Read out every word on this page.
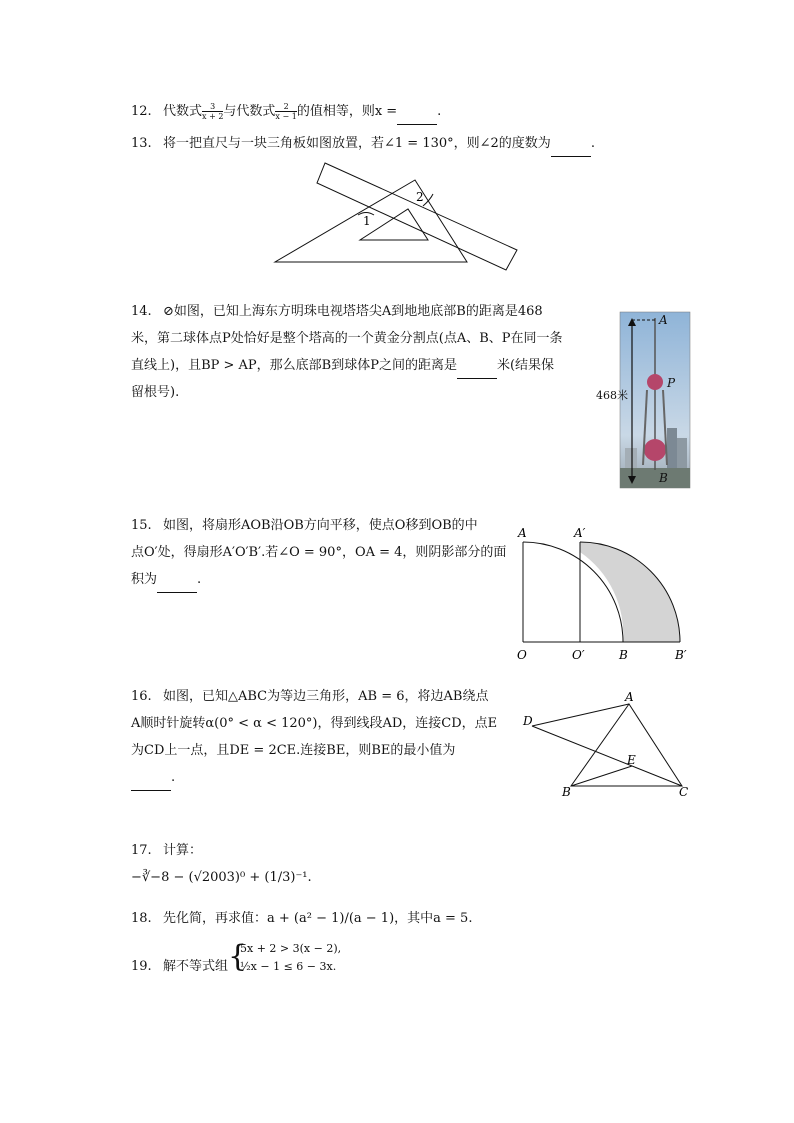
12. 代数式 $\frac{3}{x + 2}$ 与代数式 $\frac{2}{x - 1}$ 的值相等，则x =	.
13. 将一把直尺与一块三角板如图放置，若∠1 = 130°，则∠2的度数为	.
1
2
14. ⊘如图，已知上海东方明珠电视塔塔尖A到地地底部B的距离是468
米，第二球体点P处恰好是整个塔高的一个黄金分割点(点A、B、P在同一条
直线上)，且BP > AP，那么底部B到球体P之间的距离是	米(结果保
留根号).	468米
A
P
B
15. 如图，将扇形AOB沿OB方向平移，使点O移到OB的中
点O′处，得扇形A′O′B′.若∠O = 90°，OA = 4，则阴影部分的面
积为	.
A	A′
O	O′	B	B′
16. 如图，已知△ABC为等边三角形，AB = 6，将边AB绕点
A顺时针旋转α(0° < α < 120°)，得到线段AD，连接CD，点E
为CD上一点，且DE = 2CE.连接BE，则BE的最小值为
.
A
B	C
D
E
17. 计算：
−∛−8 − (√2003)⁰ + (1/3)⁻¹.
18. 先化简，再求值：a + (a² − 1)/(a − 1)，其中a = 5.
19. 解不等式组 {
5x + 2 > 3(x − 2),
½x − 1 ≤ 6 − 3x.
